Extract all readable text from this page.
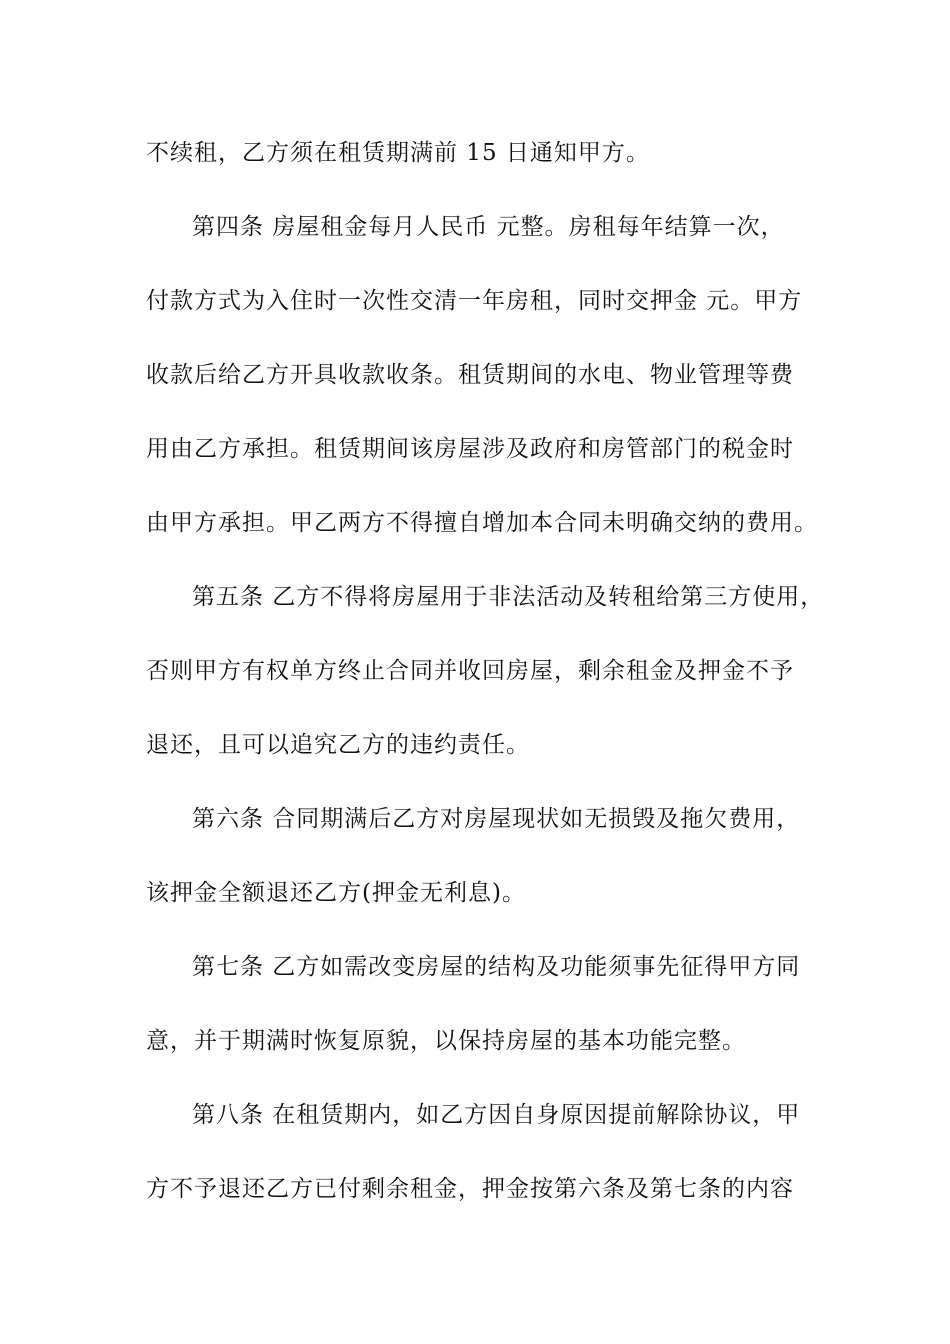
不续租，乙方须在租赁期满前 15 日通知甲方。
第四条 房屋租金每月人民币 元整。房租每年结算一次，
付款方式为入住时一次性交清一年房租，同时交押金 元。甲方
收款后给乙方开具收款收条。租赁期间的水电、物业管理等费
用由乙方承担。租赁期间该房屋涉及政府和房管部门的税金时
由甲方承担。甲乙两方不得擅自增加本合同未明确交纳的费用。
第五条 乙方不得将房屋用于非法活动及转租给第三方使用，
否则甲方有权单方终止合同并收回房屋，剩余租金及押金不予
退还，且可以追究乙方的违约责任。
第六条 合同期满后乙方对房屋现状如无损毁及拖欠费用，
该押金全额退还乙方(押金无利息)。
第七条 乙方如需改变房屋的结构及功能须事先征得甲方同
意，并于期满时恢复原貌，以保持房屋的基本功能完整。
第八条 在租赁期内，如乙方因自身原因提前解除协议，甲
方不予退还乙方已付剩余租金，押金按第六条及第七条的内容
